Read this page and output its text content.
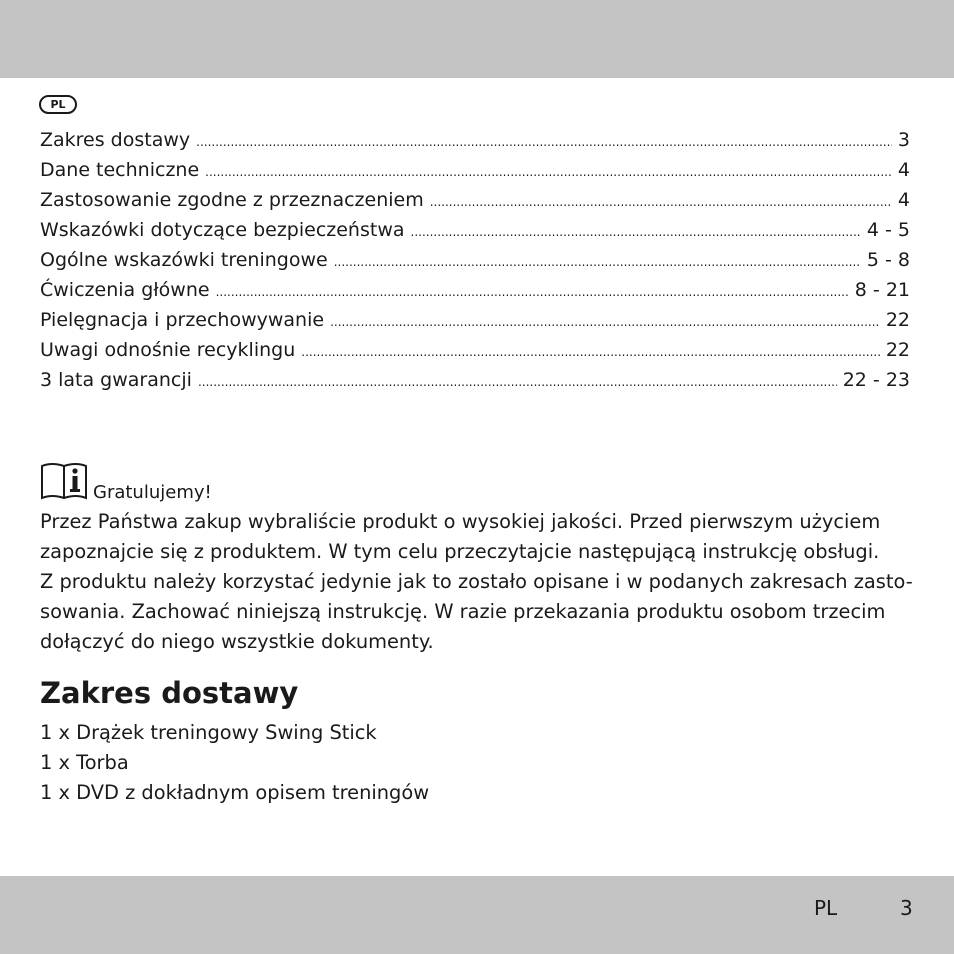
PL
Zakres dostawy .....	3
Dane techniczne .....	4
Zastosowanie zgodne z przeznaczeniem .....	4
Wskazówki dotyczące bezpieczeństwa .....	4 - 5
Ogólne wskazówki treningowe .....	5 - 8
Ćwiczenia główne .....	8 - 21
Pielęgnacja i przechowywanie .....	22
Uwagi odnośnie recyklingu .....	22
3 lata gwarancji .....	22 - 23
Gratulujemy!

Przez Państwa zakup wybraliście produkt o wysokiej jakości. Przed pierwszym użyciem

zapoznajcie się z produktem. W tym celu przeczytajcie następującą instrukcję obsługi.

Z produktu należy korzystać jedynie jak to zostało opisane i w podanych zakresach zasto-

sowania. Zachować niniejszą instrukcję. W razie przekazania produktu osobom trzecim

dołączyć do niego wszystkie dokumenty.

Zakres dostawy
1 x Drążek treningowy Swing Stick
1 x Torba
1 x DVD z dokładnym opisem treningów
PL	3
